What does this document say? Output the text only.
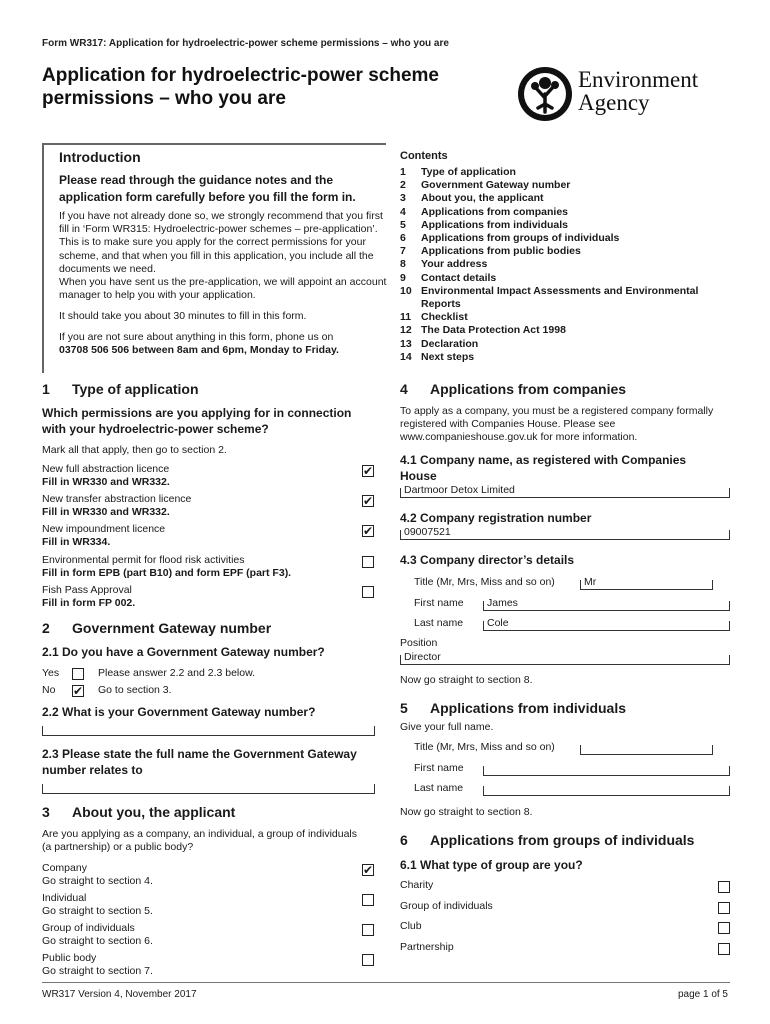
Form WR317: Application for hydroelectric-power scheme permissions – who you are
Application for hydroelectric-power scheme permissions – who you are
Environment
Agency
Introduction
Please read through the guidance notes and the application form carefully before you fill the form in.
If you have not already done so, we strongly recommend that you first fill in ‘Form WR315: Hydroelectric-power schemes – pre-application’. This is to make sure you apply for the correct permissions for your scheme, and that when you fill in this application, you include all the documents we need.
When you have sent us the pre-application, we will appoint an account manager to help you with your application.
It should take you about 30 minutes to fill in this form.
If you are not sure about anything in this form, phone us on
03708 506 506 between 8am and 6pm, Monday to Friday.
Contents
1	Type of application
2	Government Gateway number
3	About you, the applicant
4	Applications from companies
5	Applications from individuals
6	Applications from groups of individuals
7	Applications from public bodies
8	Your address
9	Contact details
10 Environmental Impact Assessments and Environmental Reports
11 Checklist
12 The Data Protection Act 1998
13 Declaration
14 Next steps
1 Type of application
Which permissions are you applying for in connection with your hydroelectric-power scheme?
Mark all that apply, then go to section 2.
New full abstraction licence
Fill in WR330 and WR332.
✔
New transfer abstraction licence
Fill in WR330 and WR332.
✔
New impoundment licence
Fill in WR334.
✔
Environmental permit for flood risk activities
Fill in form EPB (part B10) and form EPF (part F3).
Fish Pass Approval
Fill in form FP 002.
2 Government Gateway number
2.1 Do you have a Government Gateway number?
Yes	Please answer 2.2 and 2.3 below.
No ✔ Go to section 3.
2.2 What is your Government Gateway number?
2.3 Please state the full name the Government Gateway number relates to
3 About you, the applicant
Are you applying as a company, an individual, a group of individuals (a partnership) or a public body?
Company
Go straight to section 4.
✔
Individual
Go straight to section 5.
Group of individuals
Go straight to section 6.
Public body
Go straight to section 7.
4 Applications from companies
To apply as a company, you must be a registered company formally registered with Companies House. Please see www.companieshouse.gov.uk for more information.
4.1 Company name, as registered with Companies House
Dartmoor Detox Limited
4.2 Company registration number
09007521
4.3 Company director’s details
Title (Mr, Mrs, Miss and so on)	Mr
First name James
Last name Cole
Position
Director
Now go straight to section 8.
5 Applications from individuals
Give your full name.
Title (Mr, Mrs, Miss and so on)
First name
Last name
Now go straight to section 8.
6 Applications from groups of individuals
6.1 What type of group are you?
Charity
Group of individuals
Club
Partnership
WR317 Version 4, November 2017	page 1 of 5
